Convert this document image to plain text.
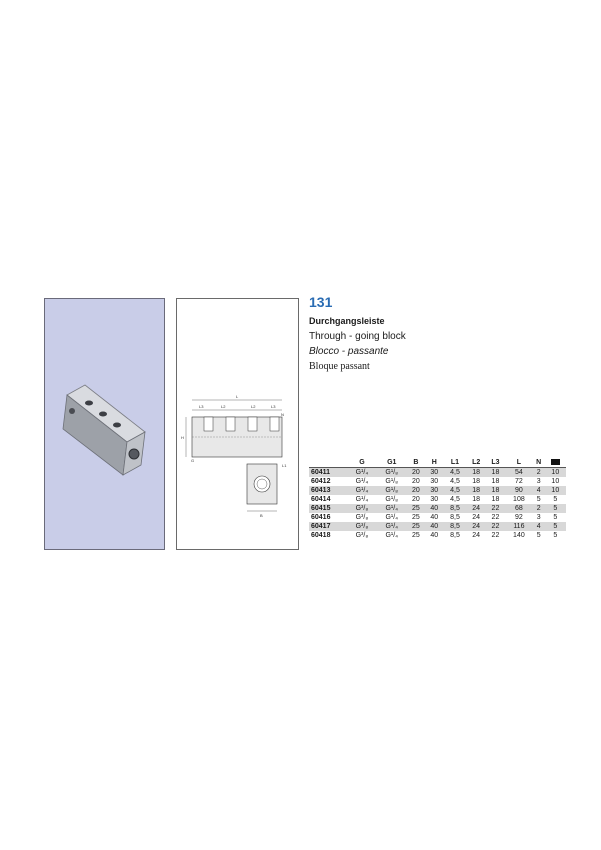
L
L3	L2	L2	L3
N
H
G
B
L1
131
Durchgangsleiste
Through - going block
Blocco - passante
Bloque passant
	G	G1	B	H	L1	L2	L3	L	N	
60411	G¹/₄	G¹/₈	20	30	4,5	18	18	54	2	10
60412	G¹/₄	G¹/₈	20	30	4,5	18	18	72	3	10
60413	G¹/₄	G¹/₈	20	30	4,5	18	18	90	4	10
60414	G¹/₄	G¹/₈	20	30	4,5	18	18	108	5	5
60415	G³/₈	G¹/₄	25	40	8,5	24	22	68	2	5
60416	G³/₈	G¹/₄	25	40	8,5	24	22	92	3	5
60417	G³/₈	G¹/₄	25	40	8,5	24	22	116	4	5
60418	G³/₈	G¹/₄	25	40	8,5	24	22	140	5	5
